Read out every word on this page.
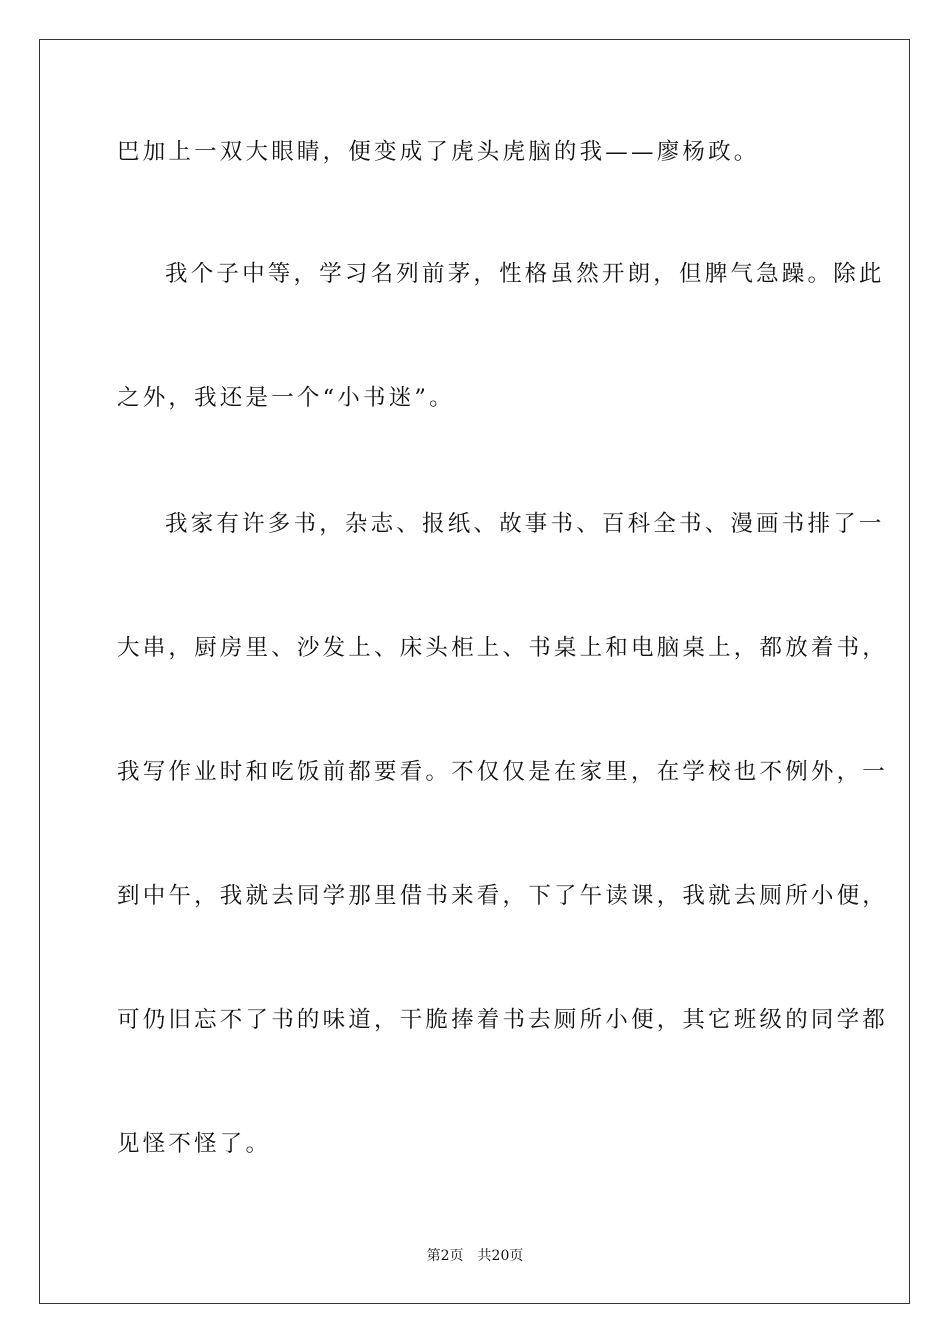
巴加上一双大眼睛，便变成了虎头虎脑的我——廖杨政。
我个子中等，学习名列前茅，性格虽然开朗，但脾气急躁。除此
之外，我还是一个“小书迷”。
我家有许多书，杂志、报纸、故事书、百科全书、漫画书排了一
大串，厨房里、沙发上、床头柜上、书桌上和电脑桌上，都放着书，
我写作业时和吃饭前都要看。不仅仅是在家里，在学校也不例外，一
到中午，我就去同学那里借书来看，下了午读课，我就去厕所小便，
可仍旧忘不了书的味道，干脆捧着书去厕所小便，其它班级的同学都
见怪不怪了。
第2页 共20页
